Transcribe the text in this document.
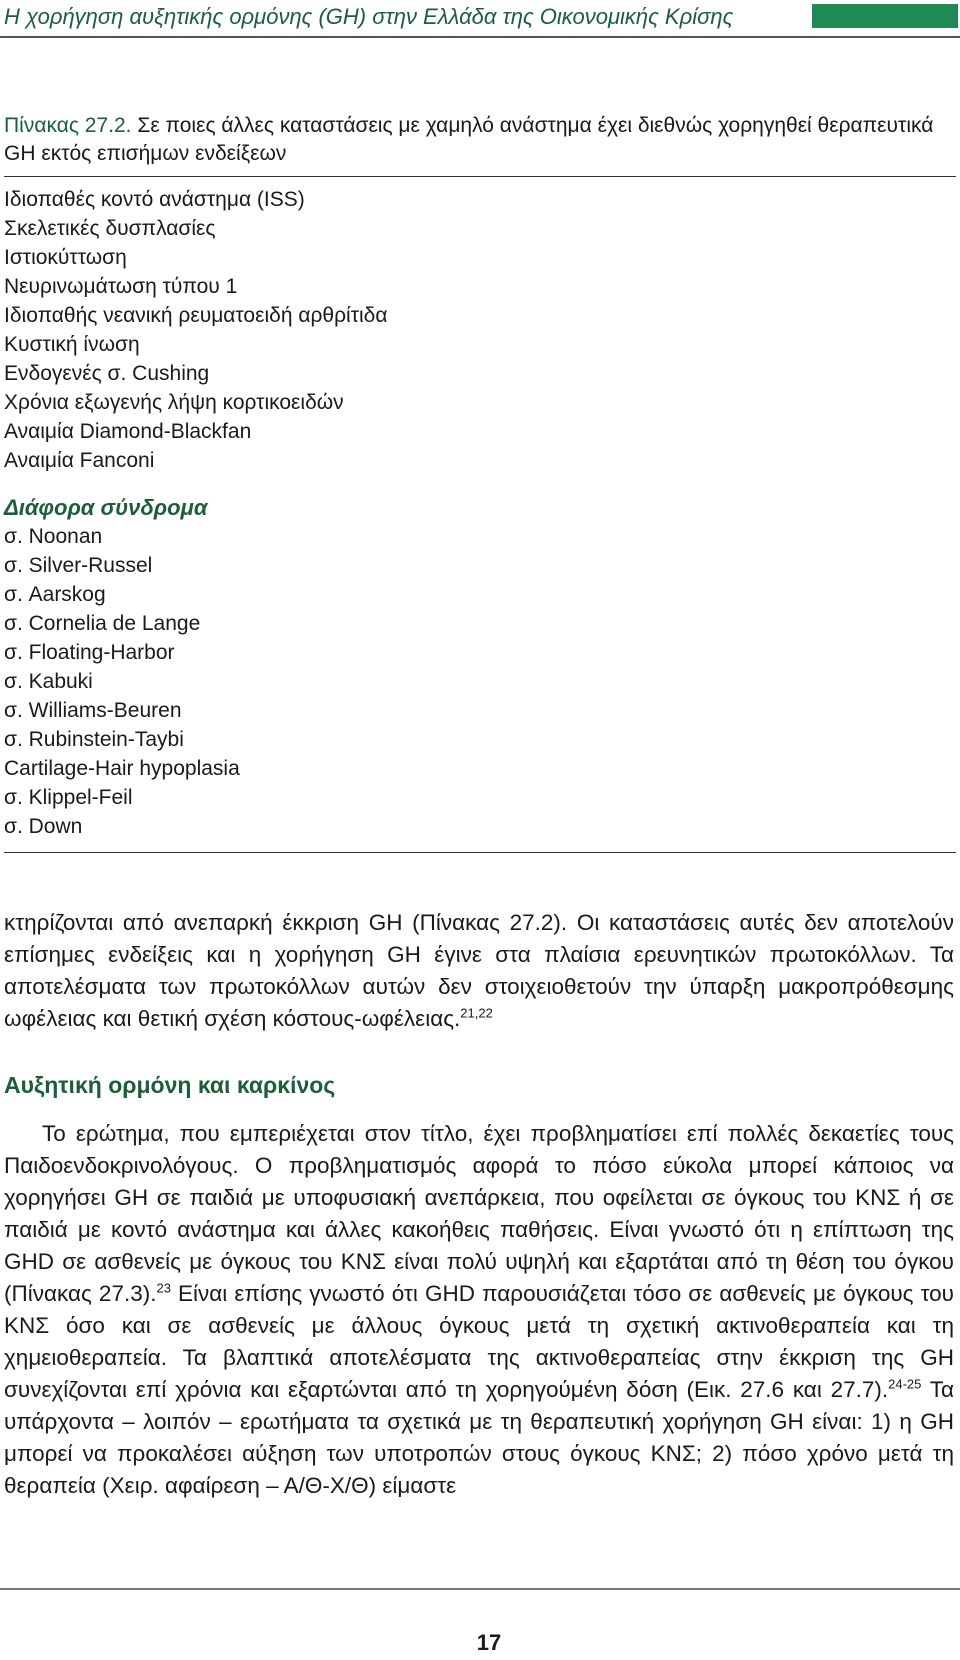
Η χορήγηση αυξητικής ορμόνης (GH) στην Ελλάδα της Οικονομικής Κρίσης

Πίνακας 27.2. Σε ποιες άλλες καταστάσεις με χαμηλό ανάστημα έχει διεθνώς χορηγηθεί θεραπευτικά GH εκτός επισήμων ενδείξεων

Ιδιοπαθές κοντό ανάστημα (ISS)
Σκελετικές δυσπλασίες
Ιστιοκύττωση
Νευρινωμάτωση τύπου 1
Ιδιοπαθής νεανική ρευματοειδή αρθρίτιδα
Κυστική ίνωση
Ενδογενές σ. Cushing
Χρόνια εξωγενής λήψη κορτικοειδών
Αναιμία Diamond-Blackfan
Αναιμία Fanconi
Διάφορα σύνδρομα
σ. Noonan
σ. Silver-Russel
σ. Aarskog
σ. Cornelia de Lange
σ. Floating-Harbor
σ. Kabuki
σ. Williams-Beuren
σ. Rubinstein-Taybi
Cartilage-Hair hypoplasia
σ. Klippel-Feil
σ. Down

κτηρίζονται από ανεπαρκή έκκριση GH (Πίνακας 27.2). Οι καταστάσεις αυτές δεν αποτελούν επίσημες ενδείξεις και η χορήγηση GH έγινε στα πλαίσια ερευνητικών πρωτοκόλλων. Τα αποτελέσματα των πρωτοκόλλων αυτών δεν στοιχειοθετούν την ύπαρξη μακροπρόθεσμης ωφέλειας και θετική σχέση κόστους-ωφέλειας.$^{21,22}$

Αυξητική ορμόνη και καρκίνος

Το ερώτημα, που εμπεριέχεται στον τίτλο, έχει προβληματίσει επί πολλές δεκαετίες τους Παιδοενδοκρινολόγους. Ο προβληματισμός αφορά το πόσο εύκολα μπορεί κάποιος να χορηγήσει GH σε παιδιά με υποφυσιακή ανεπάρκεια, που οφείλεται σε όγκους του ΚΝΣ ή σε παιδιά με κοντό ανάστημα και άλλες κακοήθεις παθήσεις. Είναι γνωστό ότι η επίπτωση της GHD σε ασθενείς με όγκους του ΚΝΣ είναι πολύ υψηλή και εξαρτάται από τη θέση του όγκου (Πίνακας 27.3).$^{23}$ Είναι επίσης γνωστό ότι GHD παρουσιάζεται τόσο σε ασθενείς με όγκους του ΚΝΣ όσο και σε ασθενείς με άλλους όγκους μετά τη σχετική ακτινοθεραπεία και τη χημειοθεραπεία. Τα βλαπτικά αποτελέσματα της ακτινοθεραπείας στην έκκριση της GH συνεχίζονται επί χρόνια και εξαρτώνται από τη χορηγούμένη δόση (Εικ. 27.6 και 27.7).$^{24-25}$ Τα υπάρχοντα – λοιπόν – ερωτήματα τα σχετικά με τη θεραπευτική χορήγηση GH είναι: 1) η GH μπορεί να προκαλέσει αύξηση των υποτροπών στους όγκους ΚΝΣ; 2) πόσο χρόνο μετά τη θεραπεία (Χειρ. αφαίρεση – Α/Θ-Χ/Θ) είμαστε

17
